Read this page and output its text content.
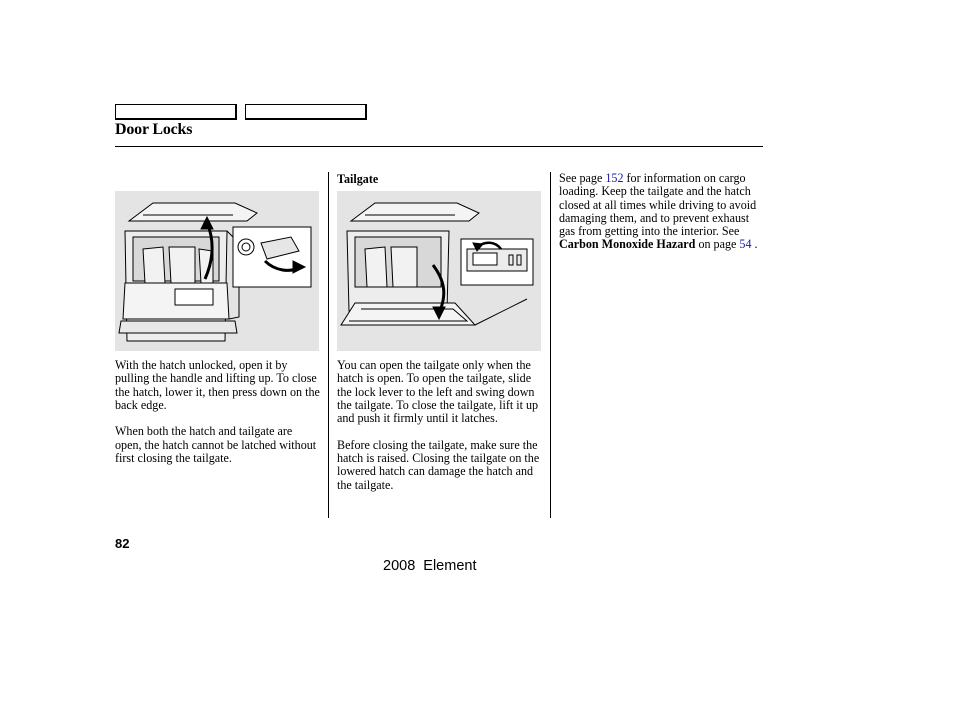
Door Locks

With the hatch unlocked, open it by pulling the handle and lifting up. To close the hatch, lower it, then press down on the back edge.

When both the hatch and tailgate are open, the hatch cannot be latched without first closing the tailgate.

Tailgate

You can open the tailgate only when the hatch is open. To open the tailgate, slide the lock lever to the left and swing down the tailgate. To close the tailgate, lift it up and push it firmly until it latches.

Before closing the tailgate, make sure the hatch is raised. Closing the tailgate on the lowered hatch can damage the hatch and the tailgate.

See page 152 for information on cargo loading. Keep the tailgate and the hatch closed at all times while driving to avoid damaging them, and to prevent exhaust gas from getting into the interior. See Carbon Monoxide Hazard on page 54 .

82
2008 Element
